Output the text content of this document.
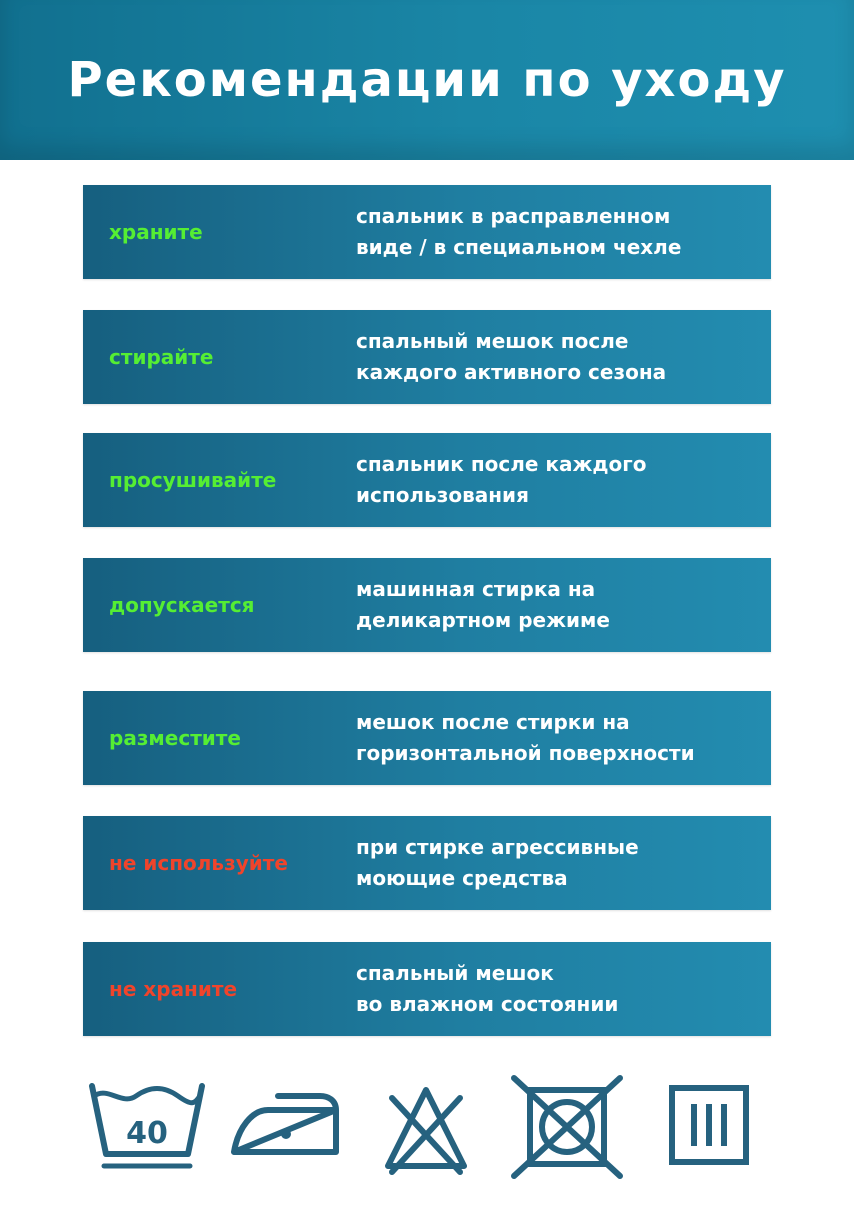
Рекомендации по уходу
храните
спальник в расправленном
виде / в специальном чехле
стирайте
спальный мешок после
каждого активного сезона
просушивайте
спальник после каждого
использования
допускается
машинная стирка на
деликартном режиме
разместите
мешок после стирки на
горизонтальной поверхности
не используйте
при стирке агрессивные
моющие средства
не храните
спальный мешок
во влажном состоянии
40
